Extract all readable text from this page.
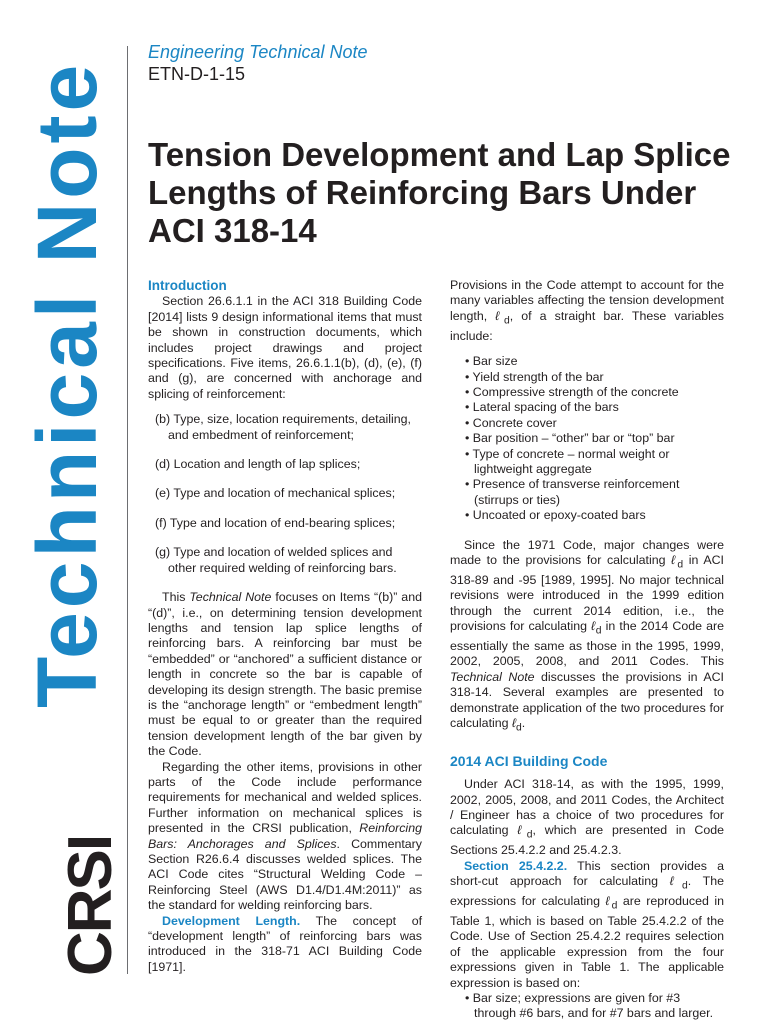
Technical Note
CRSI
Engineering Technical Note
ETN-D-1-15
Tension Development and Lap Splice Lengths of Reinforcing Bars Under ACI 318-14
Introduction

Section 26.6.1.1 in the ACI 318 Building Code [2014] lists 9 design informational items that must be shown in construction documents, which includes project drawings and project specifications. Five items, 26.6.1.1(b), (d), (e), (f) and (g), are concerned with anchorage and splicing of reinforcement:

(b) Type, size, location requirements, detailing, and embedment of reinforcement;
(d) Location and length of lap splices;
(e) Type and location of mechanical splices;
(f) Type and location of end-bearing splices;
(g) Type and location of welded splices and other required welding of reinforcing bars.

This Technical Note focuses on Items “(b)” and “(d)”, i.e., on determining tension development lengths and tension lap splice lengths of reinforcing bars. A reinforcing bar must be “embedded” or “anchored” a sufficient distance or length in concrete so the bar is capable of developing its design strength. The basic premise is the “anchorage length” or “embedment length” must be equal to or greater than the required tension development length of the bar given by the Code.

Regarding the other items, provisions in other parts of the Code include performance requirements for mechanical and welded splices. Further information on mechanical splices is presented in the CRSI publication, Reinforcing Bars: Anchorages and Splices. Commentary Section R26.6.4 discusses welded splices. The ACI Code cites “Structural Welding Code – Reinforcing Steel (AWS D1.4/D1.4M:2011)” as the standard for welding reinforcing bars.

Development Length. The concept of “development length” of reinforcing bars was introduced in the 318-71 ACI Building Code [1971].

Provisions in the Code attempt to account for the many variables affecting the tension development length, ℓ$_d$, of a straight bar. These variables include:

• Bar size
• Yield strength of the bar
• Compressive strength of the concrete
• Lateral spacing of the bars
• Concrete cover
• Bar position – “other” bar or “top” bar
• Type of concrete – normal weight or lightweight aggregate
• Presence of transverse reinforcement (stirrups or ties)
• Uncoated or epoxy-coated bars

Since the 1971 Code, major changes were made to the provisions for calculating ℓ$_d$ in ACI 318-89 and -95 [1989, 1995]. No major technical revisions were introduced in the 1999 edition through the current 2014 edition, i.e., the provisions for calculating ℓ$_d$ in the 2014 Code are essentially the same as those in the 1995, 1999, 2002, 2005, 2008, and 2011 Codes. This Technical Note discusses the provisions in ACI 318-14. Several examples are presented to demonstrate application of the two procedures for calculating ℓ$_d$.

2014 ACI Building Code

Under ACI 318-14, as with the 1995, 1999, 2002, 2005, 2008, and 2011 Codes, the Architect / Engineer has a choice of two procedures for calculating ℓ$_d$, which are presented in Code Sections 25.4.2.2 and 25.4.2.3.

Section 25.4.2.2. This section provides a short-cut approach for calculating ℓ$_d$. The expressions for calculating ℓ$_d$ are reproduced in Table 1, which is based on Table 25.4.2.2 of the Code. Use of Section 25.4.2.2 requires selection of the applicable expression from the four expressions given in Table 1. The applicable expression is based on:

• Bar size; expressions are given for #3 through #6 bars, and for #7 bars and larger.
